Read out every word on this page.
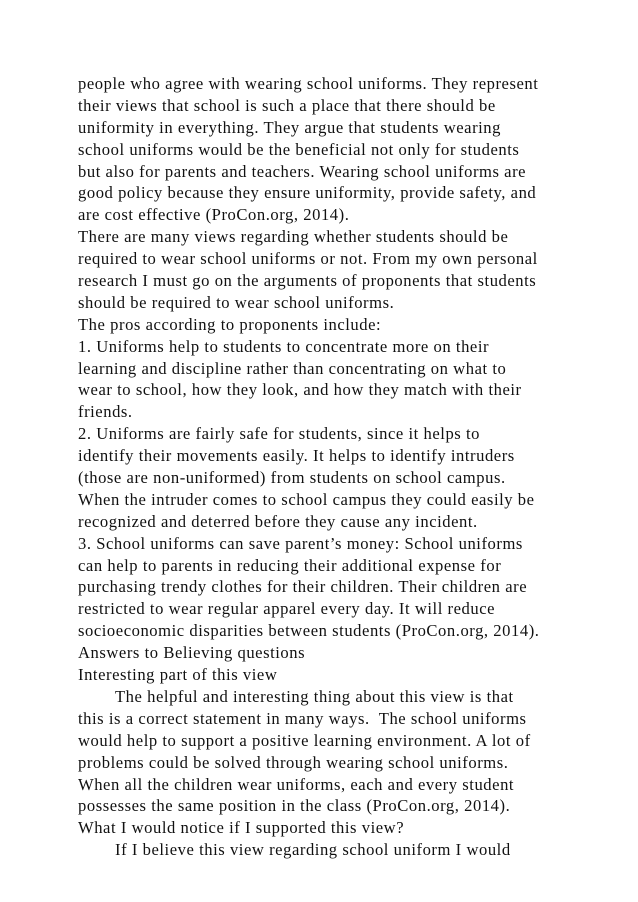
people who agree with wearing school uniforms. They represent
their views that school is such a place that there should be
uniformity in everything. They argue that students wearing
school uniforms would be the beneficial not only for students
but also for parents and teachers. Wearing school uniforms are
good policy because they ensure uniformity, provide safety, and
are cost effective (ProCon.org, 2014).
There are many views regarding whether students should be
required to wear school uniforms or not. From my own personal
research I must go on the arguments of proponents that students
should be required to wear school uniforms.
The pros according to proponents include:
1. Uniforms help to students to concentrate more on their
learning and discipline rather than concentrating on what to
wear to school, how they look, and how they match with their
friends.
2. Uniforms are fairly safe for students, since it helps to
identify their movements easily. It helps to identify intruders
(those are non-uniformed) from students on school campus.
When the intruder comes to school campus they could easily be
recognized and deterred before they cause any incident.
3. School uniforms can save parent’s money: School uniforms
can help to parents in reducing their additional expense for
purchasing trendy clothes for their children. Their children are
restricted to wear regular apparel every day. It will reduce
socioeconomic disparities between students (ProCon.org, 2014).
Answers to Believing questions
Interesting part of this view
The helpful and interesting thing about this view is that
this is a correct statement in many ways.  The school uniforms
would help to support a positive learning environment. A lot of
problems could be solved through wearing school uniforms.
When all the children wear uniforms, each and every student
possesses the same position in the class (ProCon.org, 2014).
What I would notice if I supported this view?
If I believe this view regarding school uniform I would
